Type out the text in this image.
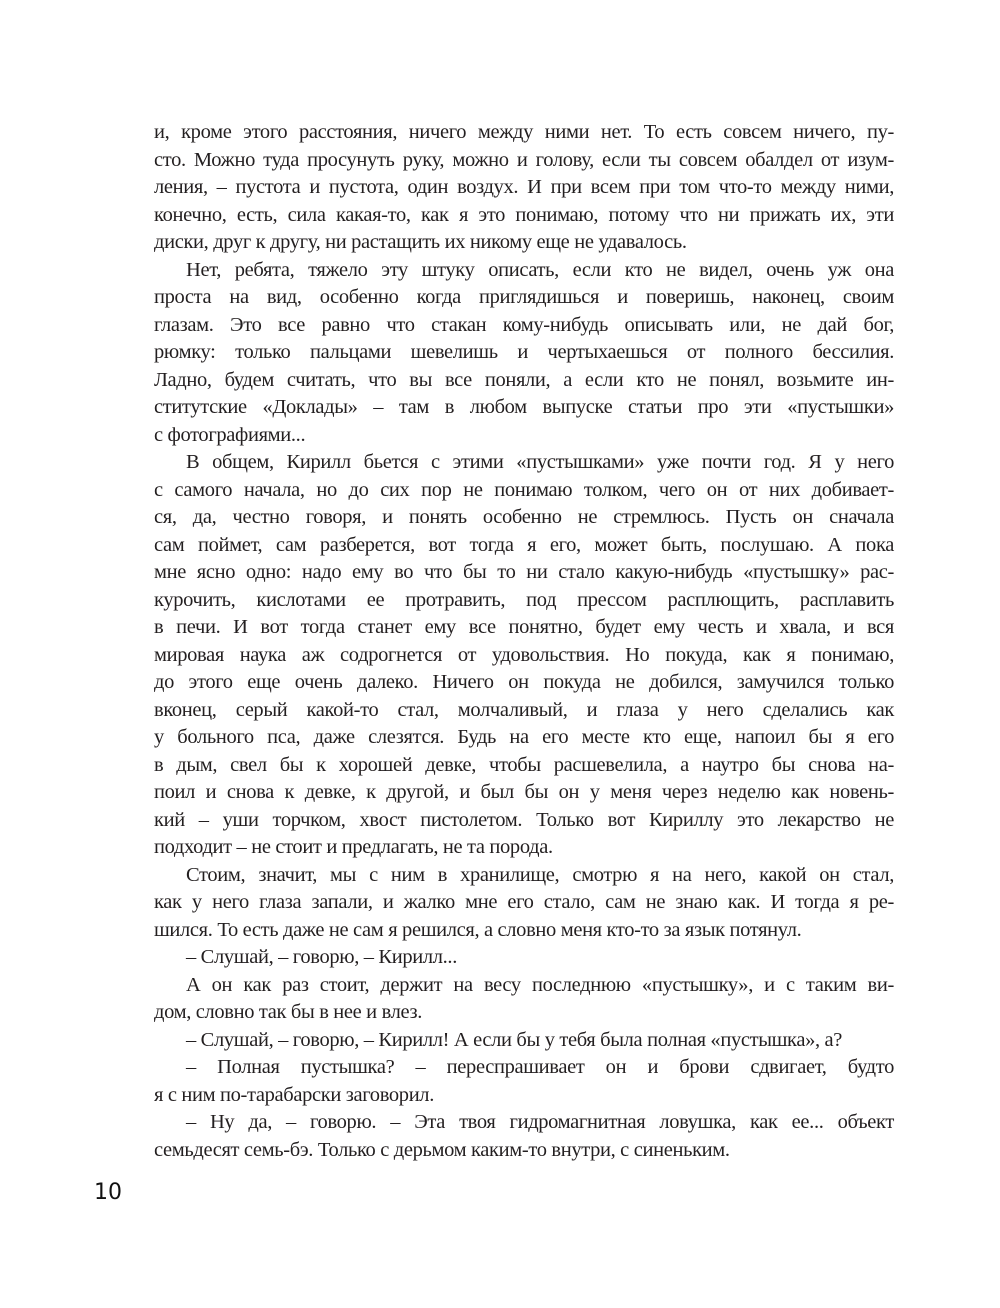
и, кроме этого расстояния, ничего между ними нет. То есть совсем ничего, пу-
сто. Можно туда просунуть руку, можно и голову, если ты совсем обалдел от изум-
ления, – пустота и пустота, один воздух. И при всем при том что-то между ними,
конечно, есть, сила какая-то, как я это понимаю, потому что ни прижать их, эти
диски, друг к другу, ни растащить их никому еще не удавалось.
Нет, ребята, тяжело эту штуку описать, если кто не видел, очень уж она
проста на вид, особенно когда приглядишься и поверишь, наконец, своим
глазам. Это все равно что стакан кому-нибудь описывать или, не дай бог,
рюмку: только пальцами шевелишь и чертыхаешься от полного бессилия.
Ладно, будем считать, что вы все поняли, а если кто не понял, возьмите ин-
ститутские «Доклады» – там в любом выпуске статьи про эти «пустышки»
с фотографиями...
В общем, Кирилл бьется с этими «пустышками» уже почти год. Я у него
с самого начала, но до сих пор не понимаю толком, чего он от них добивает-
ся, да, честно говоря, и понять особенно не стремлюсь. Пусть он сначала
сам поймет, сам разберется, вот тогда я его, может быть, послушаю. А пока
мне ясно одно: надо ему во что бы то ни стало какую-нибудь «пустышку» рас-
курочить, кислотами ее протравить, под прессом расплющить, расплавить
в печи. И вот тогда станет ему все понятно, будет ему честь и хвала, и вся
мировая наука аж содрогнется от удовольствия. Но покуда, как я понимаю,
до этого еще очень далеко. Ничего он покуда не добился, замучился только
вконец, серый какой-то стал, молчаливый, и глаза у него сделались как
у больного пса, даже слезятся. Будь на его месте кто еще, напоил бы я его
в дым, свел бы к хорошей девке, чтобы расшевелила, а наутро бы снова на-
поил и снова к девке, к другой, и был бы он у меня через неделю как новень-
кий – уши торчком, хвост пистолетом. Только вот Кириллу это лекарство не
подходит – не стоит и предлагать, не та порода.
Стоим, значит, мы с ним в хранилище, смотрю я на него, какой он стал,
как у него глаза запали, и жалко мне его стало, сам не знаю как. И тогда я ре-
шился. То есть даже не сам я решился, а словно меня кто-то за язык потянул.
– Слушай, – говорю, – Кирилл...
А он как раз стоит, держит на весу последнюю «пустышку», и с таким ви-
дом, словно так бы в нее и влез.
– Слушай, – говорю, – Кирилл! А если бы у тебя была полная «пустышка», а?
– Полная пустышка? – переспрашивает он и брови сдвигает, будто
я с ним по-тарабарски заговорил.
– Ну да, – говорю. – Эта твоя гидромагнитная ловушка, как ее... объект
семьдесят семь-бэ. Только с дерьмом каким-то внутри, с синеньким.
10
